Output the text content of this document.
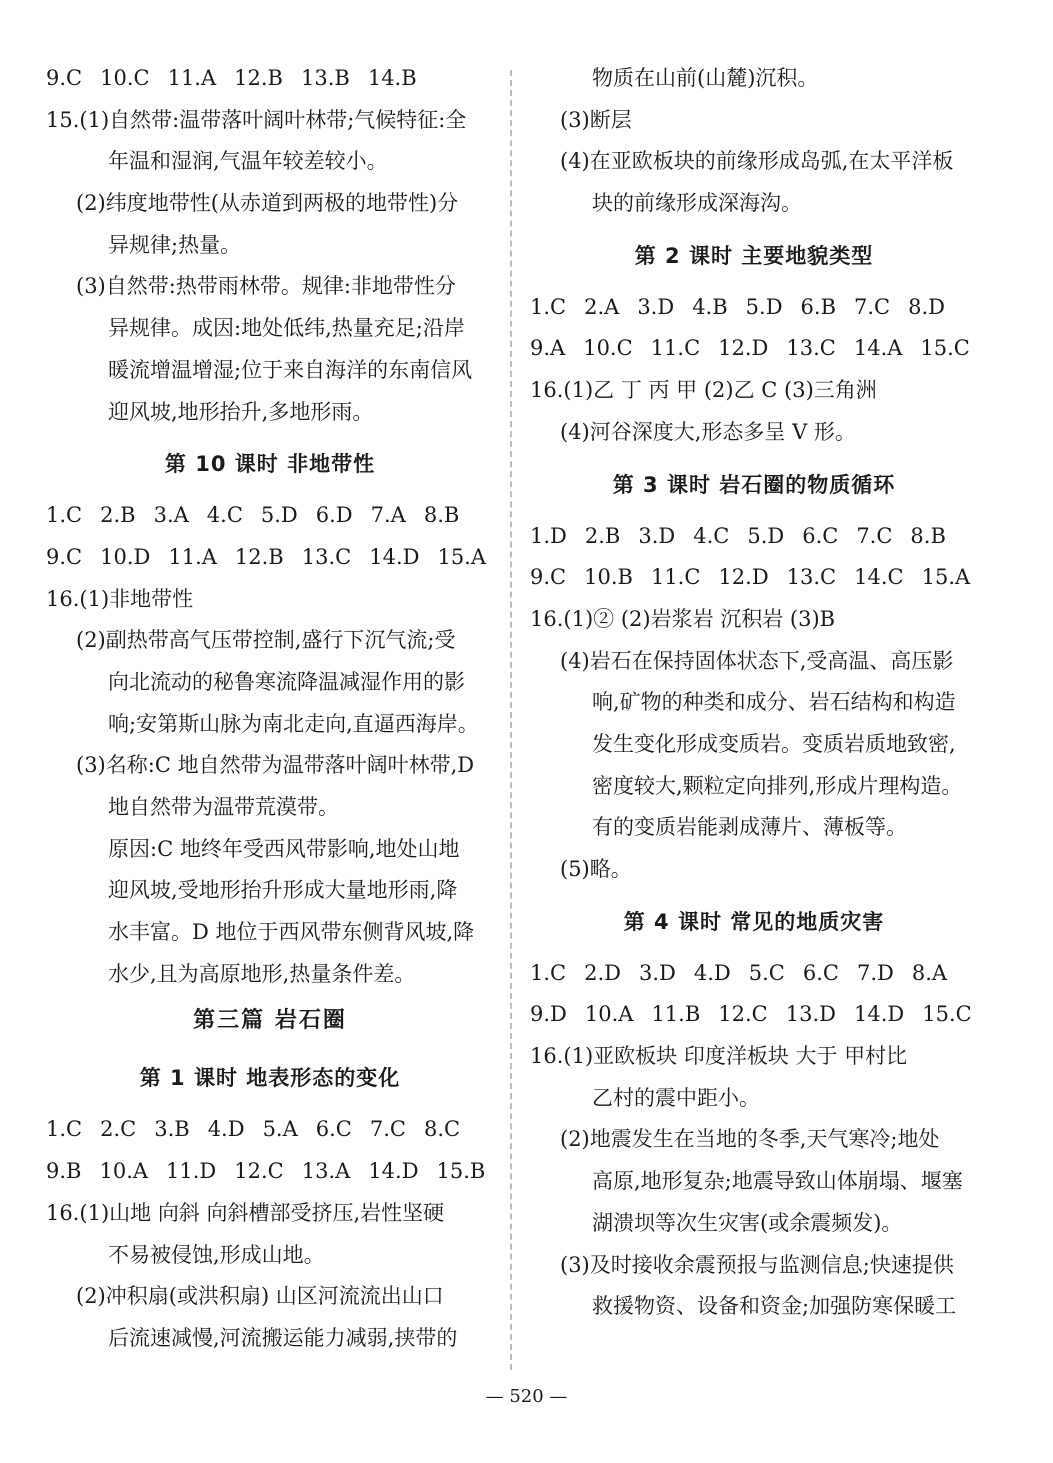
9.C 10.C 11.A 12.B 13.B 14.B
15.(1)自然带:温带落叶阔叶林带;气候特征:全
年温和湿润,气温年较差较小。
(2)纬度地带性(从赤道到两极的地带性)分
异规律;热量。
(3)自然带:热带雨林带。规律:非地带性分
异规律。成因:地处低纬,热量充足;沿岸
暖流增温增湿;位于来自海洋的东南信风
迎风坡,地形抬升,多地形雨。
第 10 课时 非地带性
1.C 2.B 3.A 4.C 5.D 6.D 7.A 8.B
9.C 10.D 11.A 12.B 13.C 14.D 15.A
16.(1)非地带性
(2)副热带高气压带控制,盛行下沉气流;受
向北流动的秘鲁寒流降温减湿作用的影
响;安第斯山脉为南北走向,直逼西海岸。
(3)名称:C 地自然带为温带落叶阔叶林带,D
地自然带为温带荒漠带。
原因:C 地终年受西风带影响,地处山地
迎风坡,受地形抬升形成大量地形雨,降
水丰富。D 地位于西风带东侧背风坡,降
水少,且为高原地形,热量条件差。
第三篇 岩石圈
第 1 课时 地表形态的变化
1.C 2.C 3.B 4.D 5.A 6.C 7.C 8.C
9.B 10.A 11.D 12.C 13.A 14.D 15.B
16.(1)山地 向斜 向斜槽部受挤压,岩性坚硬
不易被侵蚀,形成山地。
(2)冲积扇(或洪积扇) 山区河流流出山口
后流速减慢,河流搬运能力减弱,挟带的
物质在山前(山麓)沉积。
(3)断层
(4)在亚欧板块的前缘形成岛弧,在太平洋板
块的前缘形成深海沟。
第 2 课时 主要地貌类型
1.C 2.A 3.D 4.B 5.D 6.B 7.C 8.D
9.A 10.C 11.C 12.D 13.C 14.A 15.C
16.(1)乙 丁 丙 甲 (2)乙 C (3)三角洲
(4)河谷深度大,形态多呈 V 形。
第 3 课时 岩石圈的物质循环
1.D 2.B 3.D 4.C 5.D 6.C 7.C 8.B
9.C 10.B 11.C 12.D 13.C 14.C 15.A
16.(1)② (2)岩浆岩 沉积岩 (3)B
(4)岩石在保持固体状态下,受高温、高压影
响,矿物的种类和成分、岩石结构和构造
发生变化形成变质岩。变质岩质地致密,
密度较大,颗粒定向排列,形成片理构造。
有的变质岩能剥成薄片、薄板等。
(5)略。
第 4 课时 常见的地质灾害
1.C 2.D 3.D 4.D 5.C 6.C 7.D 8.A
9.D 10.A 11.B 12.C 13.D 14.D 15.C
16.(1)亚欧板块 印度洋板块 大于 甲村比
乙村的震中距小。
(2)地震发生在当地的冬季,天气寒冷;地处
高原,地形复杂;地震导致山体崩塌、堰塞
湖溃坝等次生灾害(或余震频发)。
(3)及时接收余震预报与监测信息;快速提供
救援物资、设备和资金;加强防寒保暖工
— 520 —
